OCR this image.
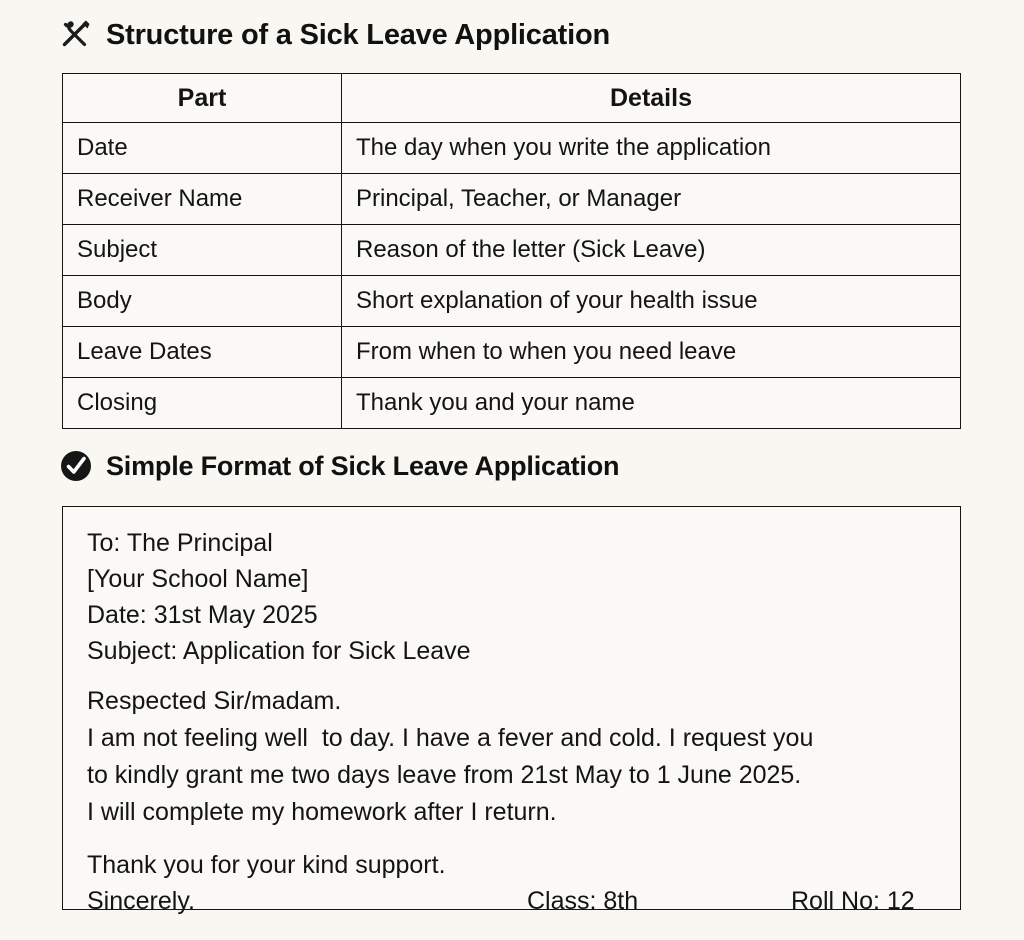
Structure of a Sick Leave Application
Part	Details
Date	The day when you write the application
Receiver Name	Principal, Teacher, or Manager
Subject	Reason of the letter (Sick Leave)
Body	Short explanation of your health issue
Leave Dates	From when to when you need leave
Closing	Thank you and your name
Simple Format of Sick Leave Application
To: The Principal
[Your School Name]
Date: 31st May 2025
Subject: Application for Sick Leave
Respected Sir/madam.
I am not feeling well  to day. I have a fever and cold. I request you
to kindly grant me two days leave from 21st May to 1 June 2025.
I will complete my homework after I return.
Thank you for your kind support.
Sincerely.	Class: 8th	Roll No: 12
